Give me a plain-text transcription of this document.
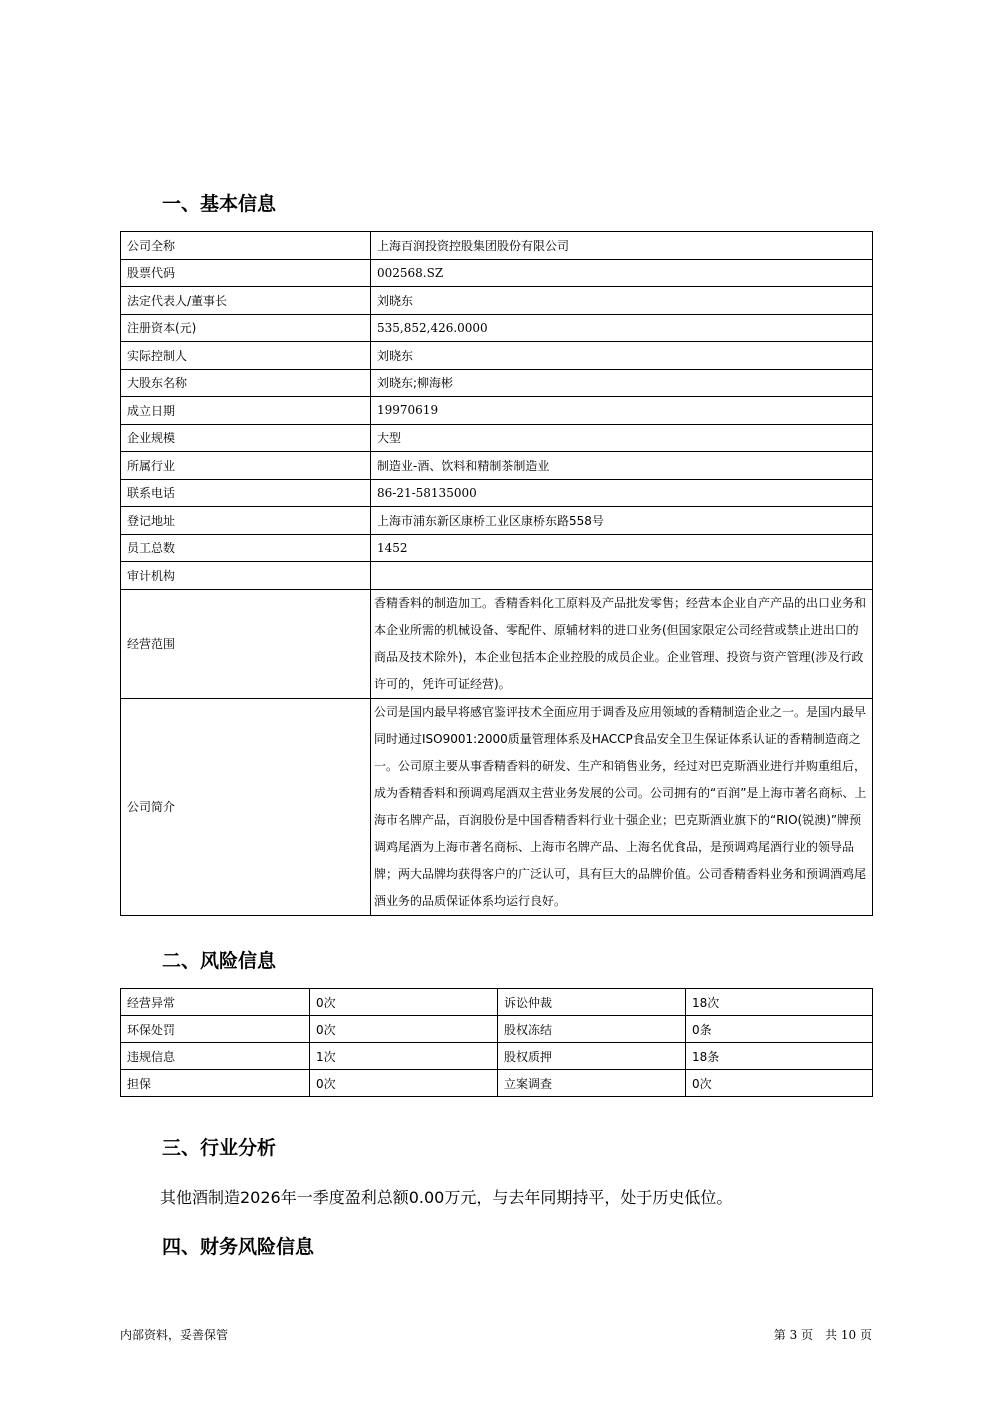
一、基本信息
公司全称	上海百润投资控股集团股份有限公司
股票代码	002568.SZ
法定代表人/董事长	刘晓东
注册资本(元)	535,852,426.0000
实际控制人	刘晓东
大股东名称	刘晓东;柳海彬
成立日期	19970619
企业规模	大型
所属行业	制造业-酒、饮料和精制茶制造业
联系电话	86-21-58135000
登记地址	上海市浦东新区康桥工业区康桥东路558号
员工总数	1452
审计机构	
经营范围	香精香料的制造加工。香精香料化工原料及产品批发零售；经营本企业自产产品的出口业务和本企业所需的机械设备、零配件、原辅材料的进口业务(但国家限定公司经营或禁止进出口的商品及技术除外)，本企业包括本企业控股的成员企业。企业管理、投资与资产管理(涉及行政许可的，凭许可证经营)。
公司简介	公司是国内最早将感官鉴评技术全面应用于调香及应用领域的香精制造企业之一。是国内最早同时通过ISO9001:2000质量管理体系及HACCP食品安全卫生保证体系认证的香精制造商之一。公司原主要从事香精香料的研发、生产和销售业务，经过对巴克斯酒业进行并购重组后，成为香精香料和预调鸡尾酒双主营业务发展的公司。公司拥有的“百润”是上海市著名商标、上海市名牌产品，百润股份是中国香精香料行业十强企业；巴克斯酒业旗下的“RIO(锐澳)”牌预调鸡尾酒为上海市著名商标、上海市名牌产品、上海名优食品，是预调鸡尾酒行业的领导品牌；两大品牌均获得客户的广泛认可，具有巨大的品牌价值。公司香精香料业务和预调酒鸡尾酒业务的品质保证体系均运行良好。
二、风险信息
经营异常	0次	诉讼仲裁	18次
环保处罚	0次	股权冻结	0条
违规信息	1次	股权质押	18条
担保	0次	立案调查	0次
三、行业分析

其他酒制造2026年一季度盈利总额0.00万元，与去年同期持平，处于历史低位。

四、财务风险信息
内部资料，妥善保管	第 3 页　共 10 页
